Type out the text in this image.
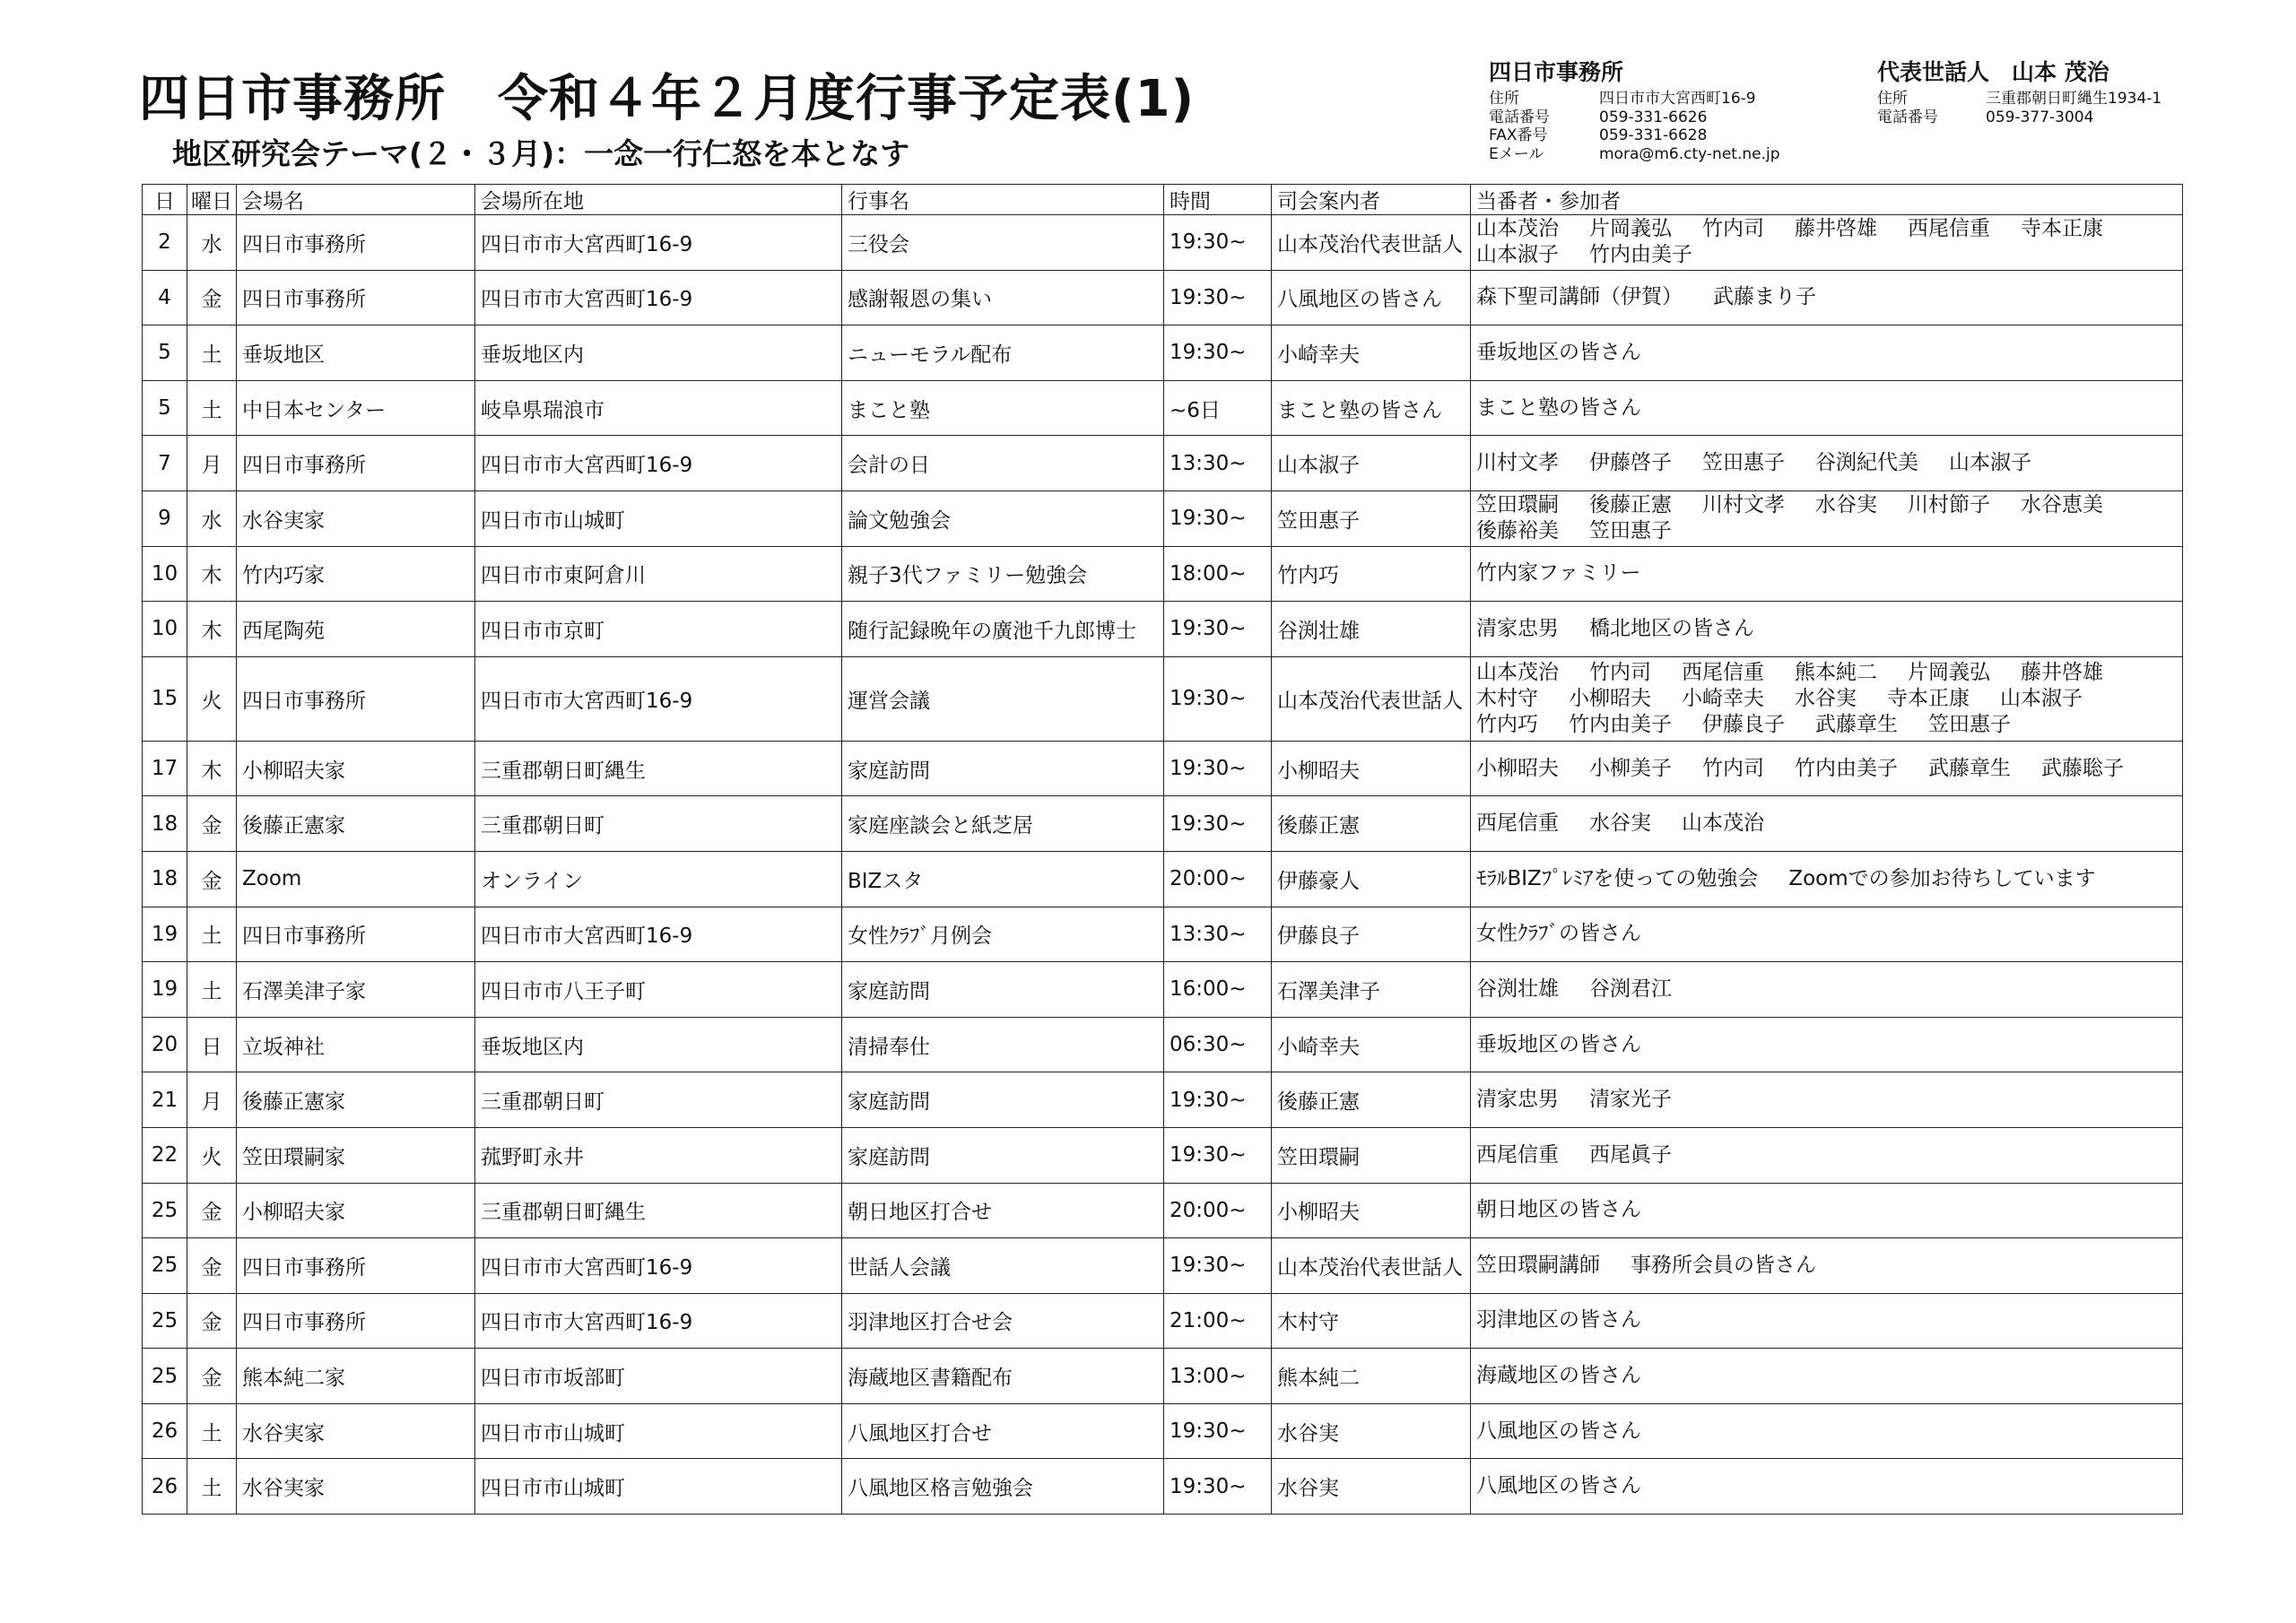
四日市事務所 令和４年２月度行事予定表(1)
地区研究会テーマ(２・３月)：一念一行仁怒を本となす
四日市事務所
住所	四日市市大宮西町16-9
電話番号	059-331-6626
FAX番号	059-331-6628
Eメール	mora@m6.cty-net.ne.jp
代表世話人　山本 茂治
住所	三重郡朝日町縄生1934-1
電話番号	059-377-3004
日	曜日	会場名	会場所在地	行事名	時間	司会案内者	当番者・参加者
2	水	四日市事務所	四日市市大宮西町16-9	三役会	19:30~	山本茂治代表世話人	山本茂治 片岡義弘 竹内司 藤井啓雄 西尾信重 寺本正康山本淑子 竹内由美子
4	金	四日市事務所	四日市市大宮西町16-9	感謝報恩の集い	19:30~	八風地区の皆さん	森下聖司講師（伊賀） 武藤まり子
5	土	垂坂地区	垂坂地区内	ニューモラル配布	19:30~	小崎幸夫	垂坂地区の皆さん
5	土	中日本センター	岐阜県瑞浪市	まこと塾	~6日	まこと塾の皆さん	まこと塾の皆さん
7	月	四日市事務所	四日市市大宮西町16-9	会計の日	13:30~	山本淑子	川村文孝 伊藤啓子 笠田惠子 谷渕紀代美 山本淑子
9	水	水谷実家	四日市市山城町	論文勉強会	19:30~	笠田惠子	笠田環嗣 後藤正憲 川村文孝 水谷実 川村節子 水谷恵美後藤裕美 笠田惠子
10	木	竹内巧家	四日市市東阿倉川	親子3代ファミリー勉強会	18:00~	竹内巧	竹内家ファミリー
10	木	西尾陶苑	四日市市京町	随行記録晩年の廣池千九郎博士	19:30~	谷渕壮雄	清家忠男 橋北地区の皆さん
15	火	四日市事務所	四日市市大宮西町16-9	運営会議	19:30~	山本茂治代表世話人	山本茂治 竹内司 西尾信重 熊本純二 片岡義弘 藤井啓雄木村守 小柳昭夫 小崎幸夫 水谷実 寺本正康 山本淑子竹内巧 竹内由美子 伊藤良子 武藤章生 笠田惠子
17	木	小柳昭夫家	三重郡朝日町縄生	家庭訪問	19:30~	小柳昭夫	小柳昭夫 小柳美子 竹内司 竹内由美子 武藤章生 武藤聡子
18	金	後藤正憲家	三重郡朝日町	家庭座談会と紙芝居	19:30~	後藤正憲	西尾信重 水谷実 山本茂治
18	金	Zoom	オンライン	BIZスタ	20:00~	伊藤豪人	ﾓﾗﾙBIZﾌﾟﾚﾐｱを使っての勉強会 Zoomでの参加お待ちしています
19	土	四日市事務所	四日市市大宮西町16-9	女性ｸﾗﾌﾞ月例会	13:30~	伊藤良子	女性ｸﾗﾌﾞの皆さん
19	土	石澤美津子家	四日市市八王子町	家庭訪問	16:00~	石澤美津子	谷渕壮雄 谷渕君江
20	日	立坂神社	垂坂地区内	清掃奉仕	06:30~	小崎幸夫	垂坂地区の皆さん
21	月	後藤正憲家	三重郡朝日町	家庭訪問	19:30~	後藤正憲	清家忠男 清家光子
22	火	笠田環嗣家	菰野町永井	家庭訪問	19:30~	笠田環嗣	西尾信重 西尾眞子
25	金	小柳昭夫家	三重郡朝日町縄生	朝日地区打合せ	20:00~	小柳昭夫	朝日地区の皆さん
25	金	四日市事務所	四日市市大宮西町16-9	世話人会議	19:30~	山本茂治代表世話人	笠田環嗣講師 事務所会員の皆さん
25	金	四日市事務所	四日市市大宮西町16-9	羽津地区打合せ会	21:00~	木村守	羽津地区の皆さん
25	金	熊本純二家	四日市市坂部町	海蔵地区書籍配布	13:00~	熊本純二	海蔵地区の皆さん
26	土	水谷実家	四日市市山城町	八風地区打合せ	19:30~	水谷実	八風地区の皆さん
26	土	水谷実家	四日市市山城町	八風地区格言勉強会	19:30~	水谷実	八風地区の皆さん
